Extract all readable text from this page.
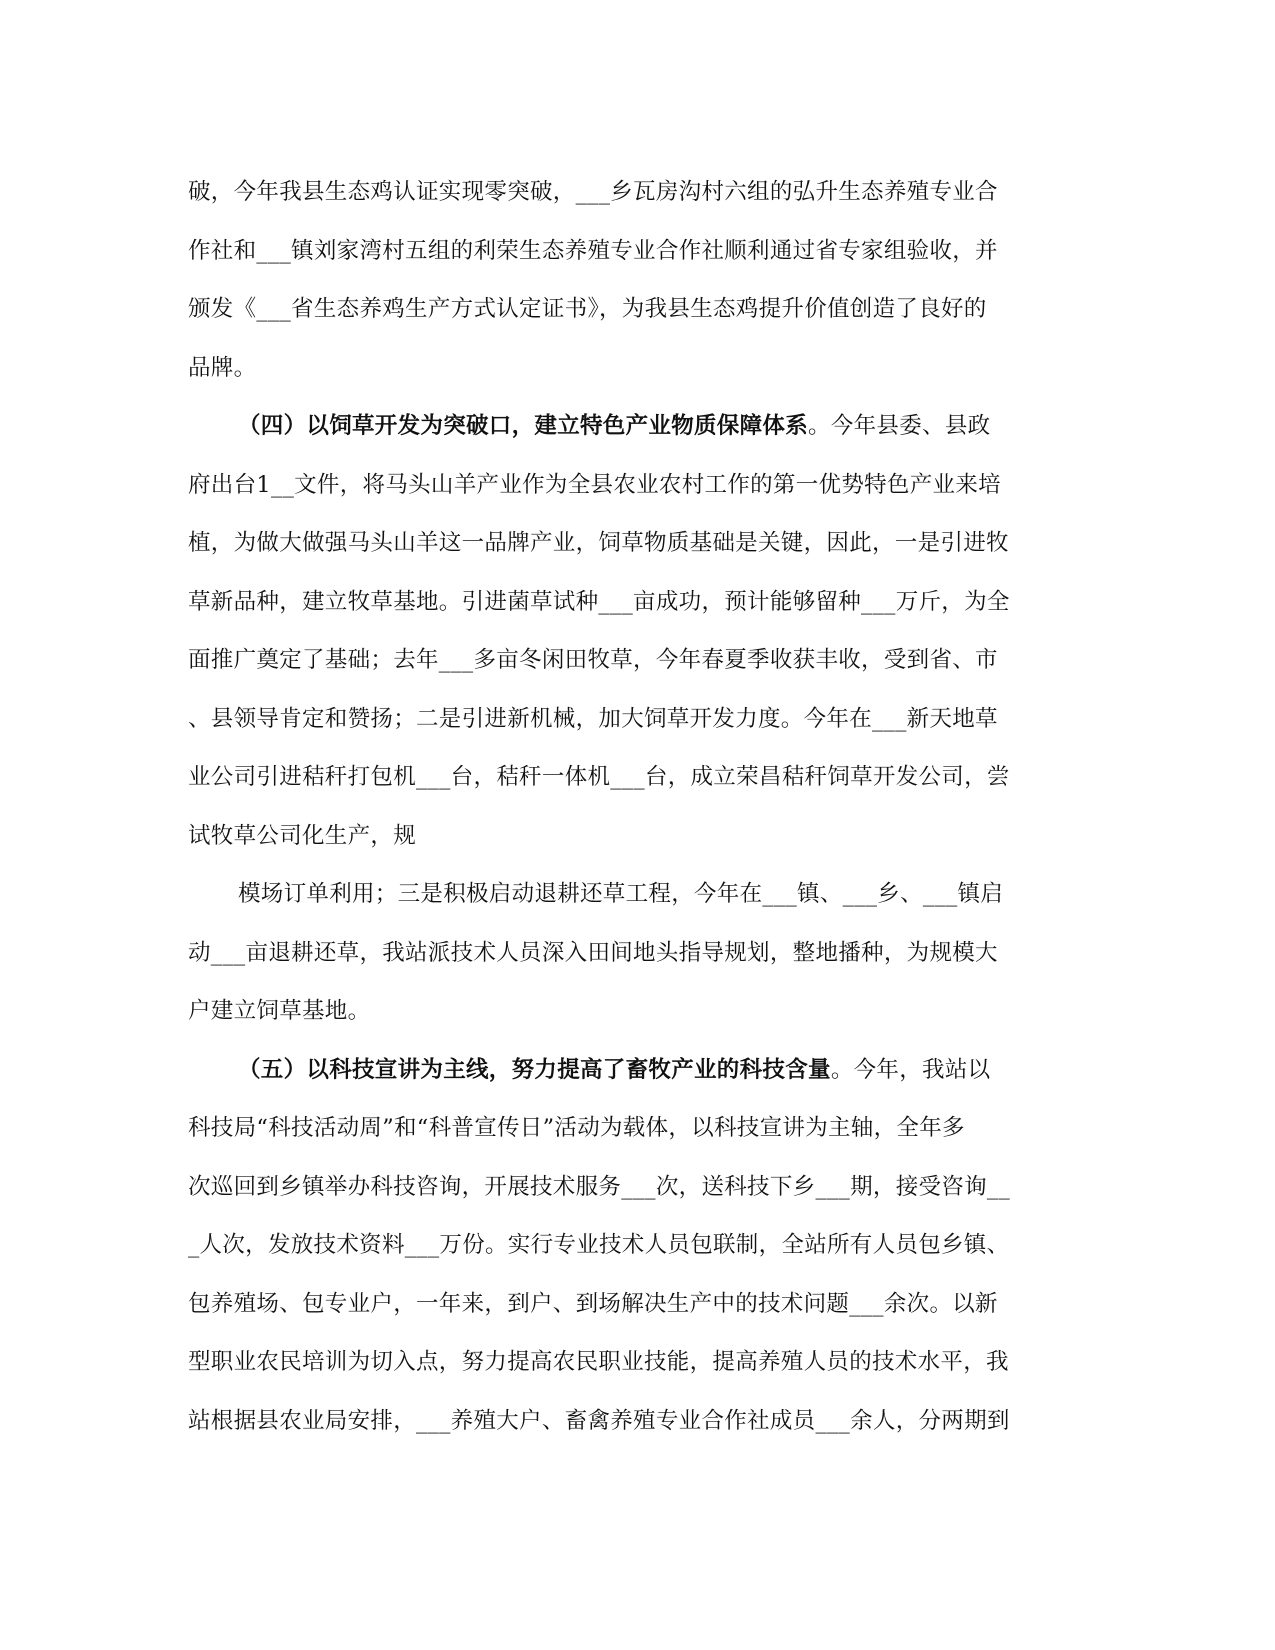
破，今年我县生态鸡认证实现零突破，___乡瓦房沟村六组的弘升生态养殖专业合
作社和___镇刘家湾村五组的利荣生态养殖专业合作社顺利通过省专家组验收，并
颁发《___省生态养鸡生产方式认定证书》，为我县生态鸡提升价值创造了良好的
品牌。
（四）以饲草开发为突破口，建立特色产业物质保障体系。今年县委、县政
府出台1__文件，将马头山羊产业作为全县农业农村工作的第一优势特色产业来培
植，为做大做强马头山羊这一品牌产业，饲草物质基础是关键，因此，一是引进牧
草新品种，建立牧草基地。引进菌草试种___亩成功，预计能够留种___万斤，为全
面推广奠定了基础；去年___多亩冬闲田牧草，今年春夏季收获丰收，受到省、市
、县领导肯定和赞扬；二是引进新机械，加大饲草开发力度。今年在___新天地草
业公司引进秸秆打包机___台，秸秆一体机___台，成立荣昌秸秆饲草开发公司，尝
试牧草公司化生产，规
模场订单利用；三是积极启动退耕还草工程，今年在___镇、___乡、___镇启
动___亩退耕还草，我站派技术人员深入田间地头指导规划，整地播种，为规模大
户建立饲草基地。
（五）以科技宣讲为主线，努力提高了畜牧产业的科技含量。今年，我站以
科技局“科技活动周”和“科普宣传日”活动为载体，以科技宣讲为主轴，全年多
次巡回到乡镇举办科技咨询，开展技术服务___次，送科技下乡___期，接受咨询__
_人次，发放技术资料___万份。实行专业技术人员包联制，全站所有人员包乡镇、
包养殖场、包专业户，一年来，到户、到场解决生产中的技术问题___余次。以新
型职业农民培训为切入点，努力提高农民职业技能，提高养殖人员的技术水平，我
站根据县农业局安排，___养殖大户、畜禽养殖专业合作社成员___余人，分两期到
